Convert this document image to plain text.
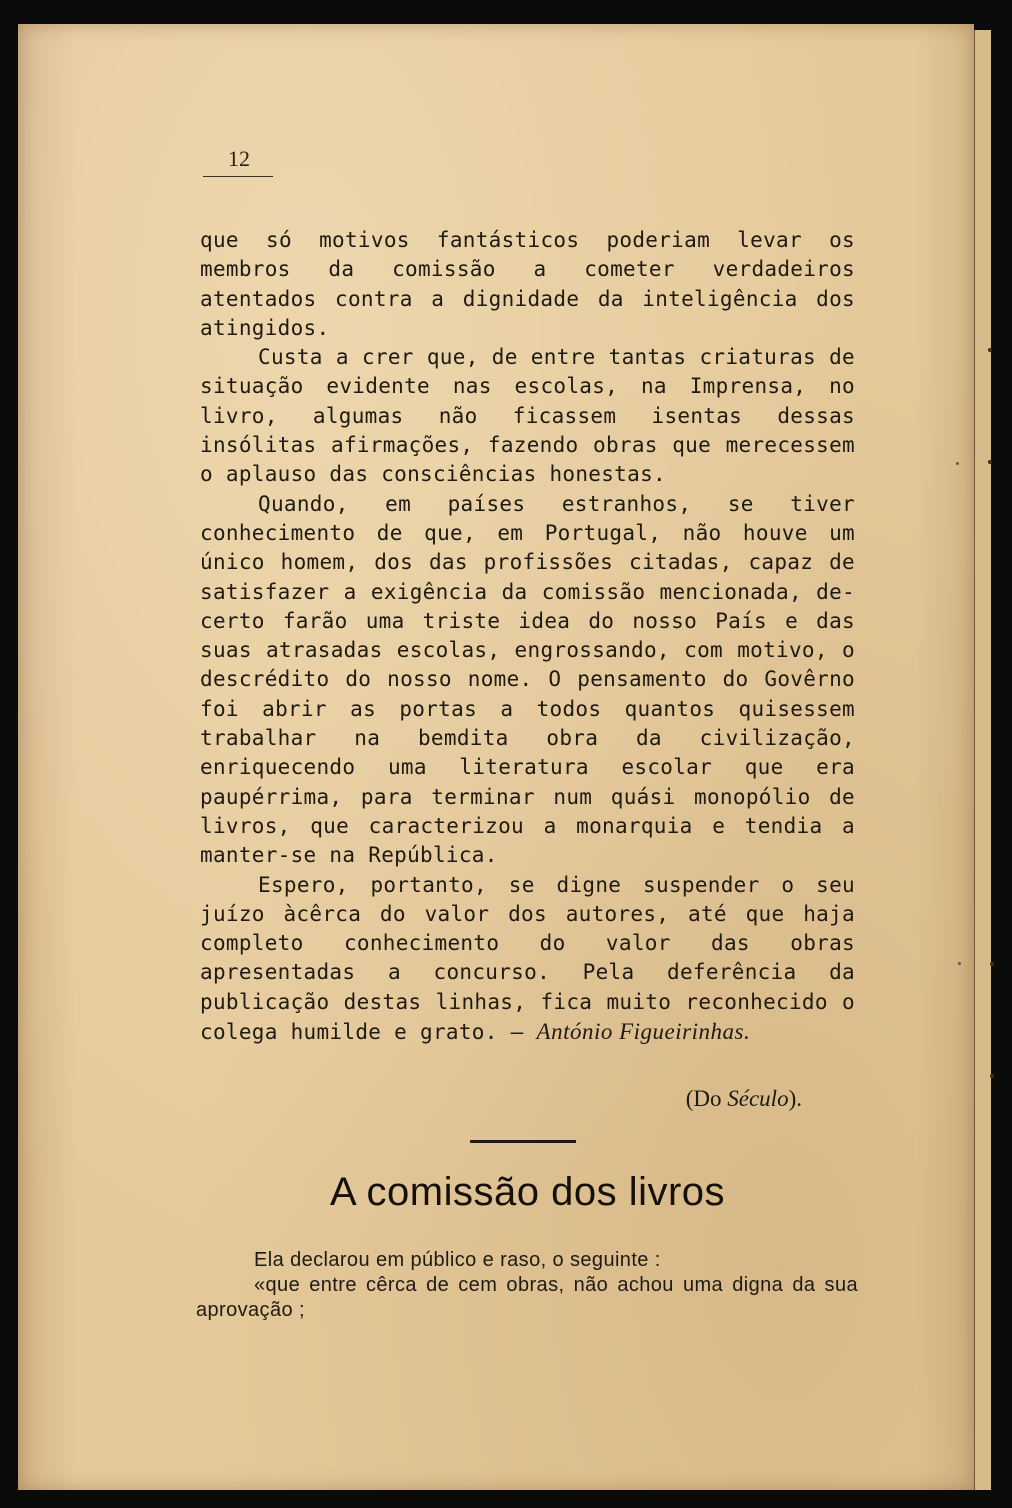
12

que só motivos fantásticos poderiam levar os membros da comissão a cometer verdadeiros atentados contra a dignidade da inteligência dos atingidos.

Custa a crer que, de entre tantas criaturas de situação evidente nas escolas, na Imprensa, no livro, algumas não ficassem isentas dessas insólitas afirmações, fazendo obras que merecessem o aplauso das consciências honestas.

Quando, em países estranhos, se tiver conhecimento de que, em Portugal, não houve um único homem, dos das profissões citadas, capaz de satisfazer a exigência da comissão mencionada, de-certo farão uma triste idea do nosso País e das suas atrasadas escolas, engrossando, com motivo, o descrédito do nosso nome. O pensamento do Govêrno foi abrir as portas a todos quantos quisessem trabalhar na bemdita obra da civilização, enriquecendo uma literatura escolar que era paupérrima, para terminar num quási monopólio de livros, que caracterizou a monarquia e tendia a manter-se na República.

Espero, portanto, se digne suspender o seu juízo àcêrca do valor dos autores, até que haja completo conhecimento do valor das obras apresentadas a concurso. Pela deferência da publicação destas linhas, fica muito reconhecido o colega humilde e grato. — António Figueirinhas.

(Do Século).
A comissão dos livros

Ela declarou em público e raso, o seguinte :

«que entre cêrca de cem obras, não achou uma digna da sua aprovação ;
